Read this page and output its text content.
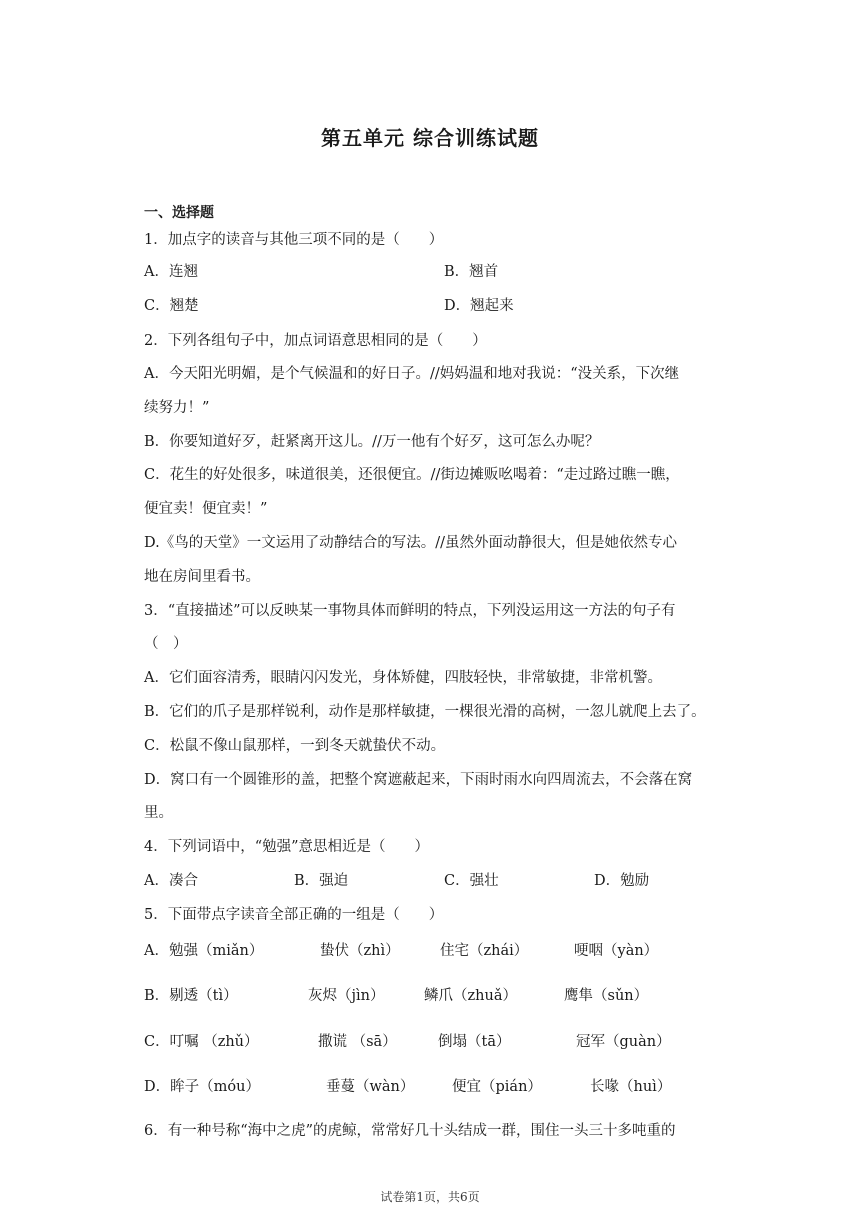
第五单元 综合训练试题
一、选择题
1．加点字的读音与其他三项不同的是（　　）
A．连翘	B．翘首
C．翘楚	D．翘起来
2．下列各组句子中，加点词语意思相同的是（　　）
A．今天阳光明媚，是个气候温和的好日子。//妈妈温和地对我说：“没关系，下次继
续努力！”
B．你要知道好歹，赶紧离开这儿。//万一他有个好歹，这可怎么办呢？
C．花生的好处很多，味道很美，还很便宜。//街边摊贩吆喝着：“走过路过瞧一瞧，
便宜卖！便宜卖！”
D.《鸟的天堂》一文运用了动静结合的写法。//虽然外面动静很大，但是她依然专心
地在房间里看书。
3．“直接描述”可以反映某一事物具体而鲜明的特点，下列没运用这一方法的句子有
（　）
A．它们面容清秀，眼睛闪闪发光，身体矫健，四肢轻快，非常敏捷，非常机警。
B．它们的爪子是那样锐利，动作是那样敏捷，一棵很光滑的高树，一忽儿就爬上去了。
C．松鼠不像山鼠那样，一到冬天就蛰伏不动。
D．窝口有一个圆锥形的盖，把整个窝遮蔽起来，下雨时雨水向四周流去，不会落在窝
里。
4．下列词语中，“勉强”意思相近是（　　）
A．凑合	B．强迫	C．强壮	D．勉励
5．下面带点字读音全部正确的一组是（　　）
A．勉强（miǎn）	蛰伏（zhì）	住宅（zhái）	哽咽（yàn）
B．剔透（tì）	灰烬（jìn）	鳞爪（zhuǎ）	鹰隼（sǔn）
C．叮嘱 （zhǔ）	撒谎 （sā）	倒塌（tā）	冠军（guàn）
D．眸子（móu）	垂蔓（wàn）	便宜（pián）	长喙（huì）
6．有一种号称“海中之虎”的虎鲸，常常好几十头结成一群，围住一头三十多吨重的
试卷第1页，共6页
